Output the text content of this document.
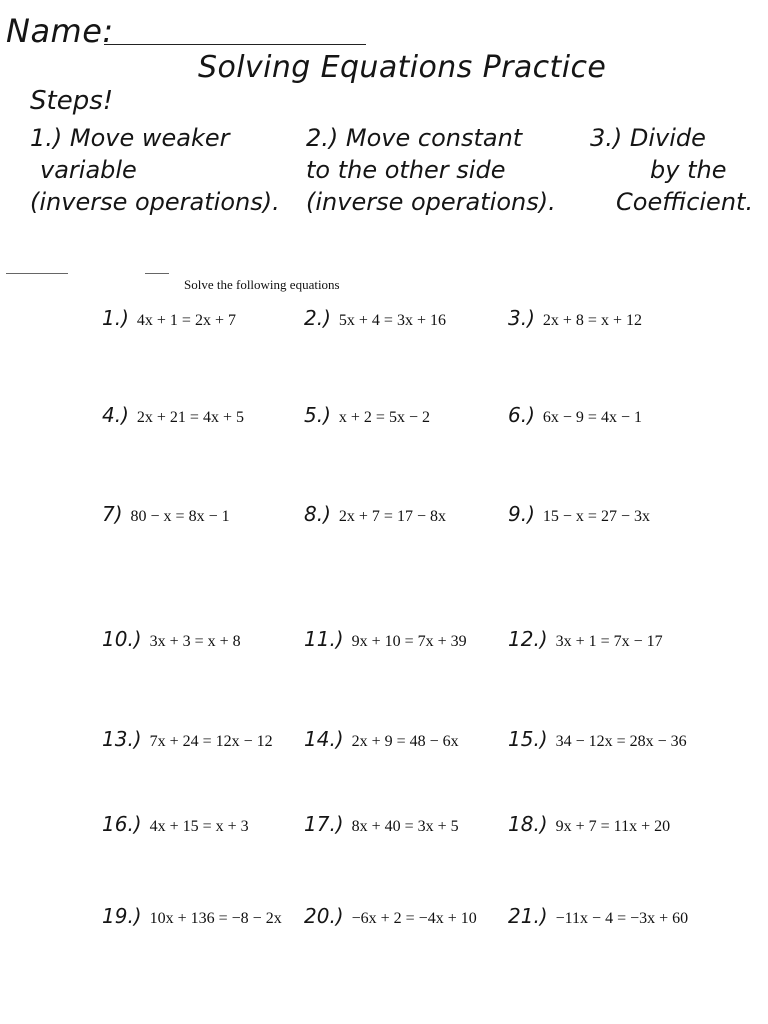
Name:
Solving Equations Practice
Steps!
1.) Move weaker
variable
(inverse operations).
2.) Move constant
to the other side
(inverse operations).
3.) Divide
by the
Coefficient.
Solve the following equations
1.) 4x + 1 = 2x + 7	2.) 5x + 4 = 3x + 16	3.) 2x + 8 = x + 12
4.) 2x + 21 = 4x + 5	5.) x + 2 = 5x − 2	6.) 6x − 9 = 4x − 1
7) 80 − x = 8x − 1	8.) 2x + 7 = 17 − 8x	9.) 15 − x = 27 − 3x
10.) 3x + 3 = x + 8	11.) 9x + 10 = 7x + 39 12.) 3x + 1 = 7x − 17
13.) 7x + 24 = 12x − 12 14.) 2x + 9 = 48 − 6x 15.) 34 − 12x = 28x − 36
16.) 4x + 15 = x + 3	17.) 8x + 40 = 3x + 5 18.) 9x + 7 = 11x + 20
19.) 10x + 136 = −8 − 2x 20.) −6x + 2 = −4x + 10 21.) −11x − 4 = −3x + 60
